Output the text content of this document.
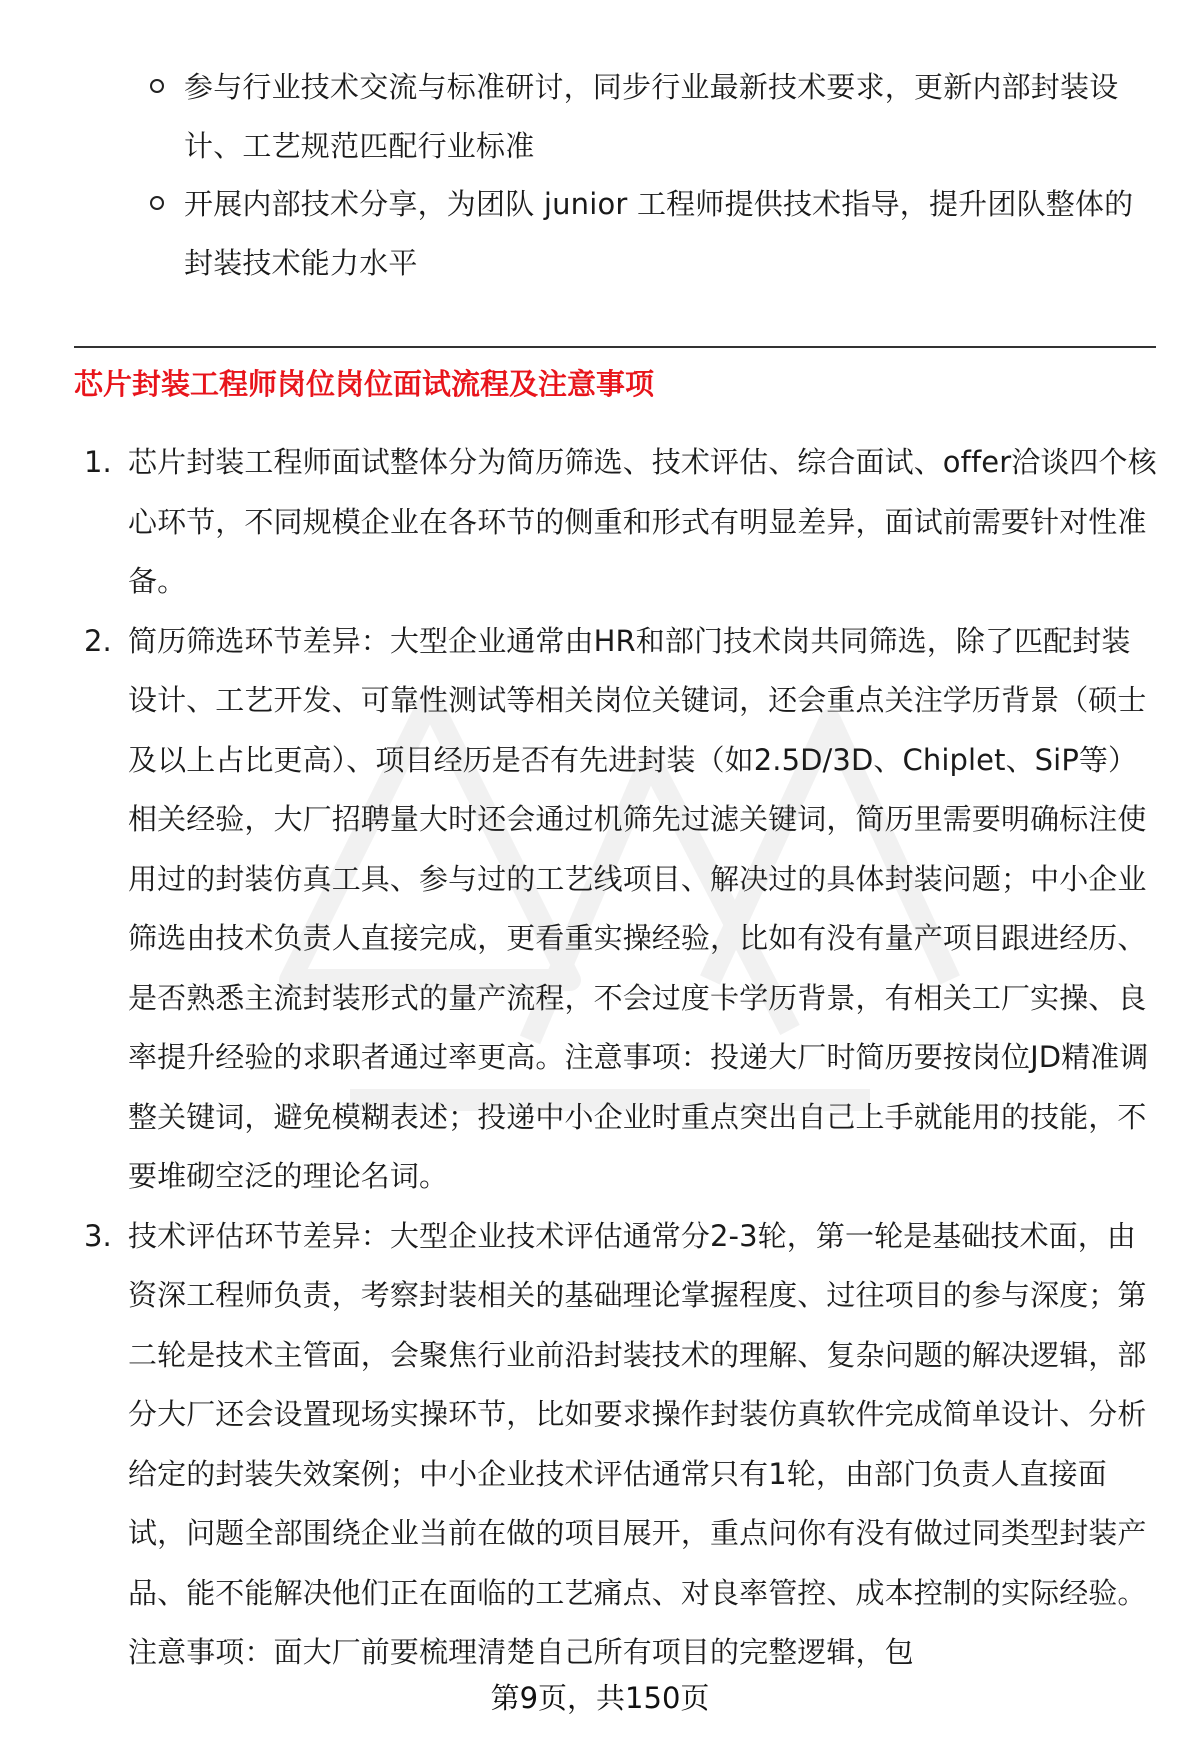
参与行业技术交流与标准研讨，同步行业最新技术要求，更新内部封装设计、工艺规范匹配行业标准
开展内部技术分享，为团队 junior 工程师提供技术指导，提升团队整体的封装技术能力水平
芯片封装工程师岗位岗位面试流程及注意事项
1. 芯片封装工程师面试整体分为简历筛选、技术评估、综合面试、offer洽谈四个核心环节，不同规模企业在各环节的侧重和形式有明显差异，面试前需要针对性准备。
2. 简历筛选环节差异：大型企业通常由HR和部门技术岗共同筛选，除了匹配封装设计、工艺开发、可靠性测试等相关岗位关键词，还会重点关注学历背景（硕士及以上占比更高）、项目经历是否有先进封装（如2.5D/3D、Chiplet、SiP等）相关经验，大厂招聘量大时还会通过机筛先过滤关键词，简历里需要明确标注使用过的封装仿真工具、参与过的工艺线项目、解决过的具体封装问题；中小企业筛选由技术负责人直接完成，更看重实操经验，比如有没有量产项目跟进经历、是否熟悉主流封装形式的量产流程，不会过度卡学历背景，有相关工厂实操、良率提升经验的求职者通过率更高。注意事项：投递大厂时简历要按岗位JD精准调整关键词，避免模糊表述；投递中小企业时重点突出自己上手就能用的技能，不要堆砌空泛的理论名词。
3. 技术评估环节差异：大型企业技术评估通常分2-3轮，第一轮是基础技术面，由资深工程师负责，考察封装相关的基础理论掌握程度、过往项目的参与深度；第二轮是技术主管面，会聚焦行业前沿封装技术的理解、复杂问题的解决逻辑，部分大厂还会设置现场实操环节，比如要求操作封装仿真软件完成简单设计、分析给定的封装失效案例；中小企业技术评估通常只有1轮，由部门负责人直接面试，问题全部围绕企业当前在做的项目展开，重点问你有没有做过同类型封装产品、能不能解决他们正在面临的工艺痛点、对良率管控、成本控制的实际经验。注意事项：面大厂前要梳理清楚自己所有项目的完整逻辑，包
第9页，共150页
